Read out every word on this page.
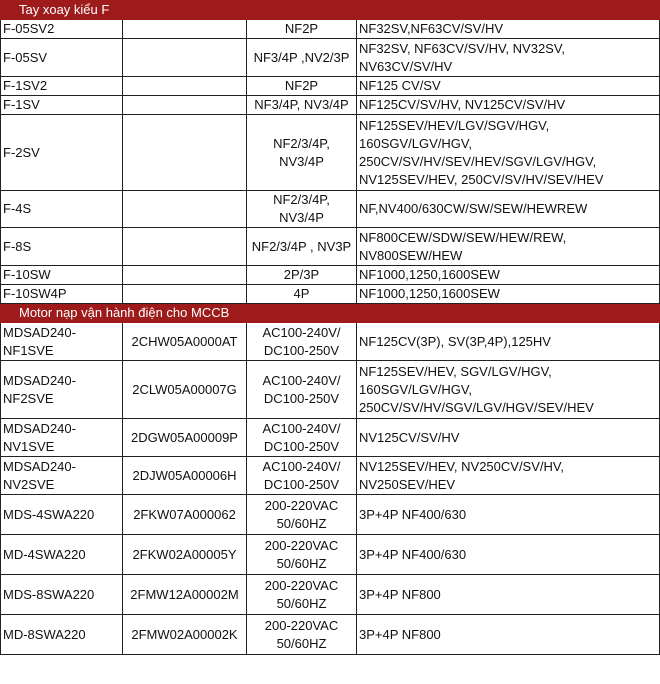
Tay xoay kiểu F			
F-05SV2		NF2P	NF32SV,NF63CV/SV/HV
F-05SV		NF3/4P ,NV2/3P	NF32SV, NF63CV/SV/HV, NV32SV, NV63CV/SV/HV
F-1SV2		NF2P	NF125 CV/SV
F-1SV		NF3/4P, NV3/4P	NF125CV/SV/HV, NV125CV/SV/HV
F-2SV		NF2/3/4P, NV3/4P	NF125SEV/HEV/LGV/SGV/HGV, 160SGV/LGV/HGV, 250CV/SV/HV/SEV/HEV/SGV/LGV/HGV, NV125SEV/HEV, 250CV/SV/HV/SEV/HEV
F-4S		NF2/3/4P, NV3/4P	NF,NV400/630CW/SW/SEW/HEWREW
F-8S		NF2/3/4P , NV3P	NF800CEW/SDW/SEW/HEW/REW, NV800SEW/HEW
F-10SW		2P/3P	NF1000,1250,1600SEW
F-10SW4P		4P	NF1000,1250,1600SEW
Motor nạp vận hành điện cho MCCB			
MDSAD240-NF1SVE	2CHW05A0000AT	AC100-240V/ DC100-250V	NF125CV(3P), SV(3P,4P),125HV
MDSAD240-NF2SVE	2CLW05A00007G	AC100-240V/ DC100-250V	NF125SEV/HEV, SGV/LGV/HGV, 160SGV/LGV/HGV, 250CV/SV/HV/SGV/LGV/HGV/SEV/HEV
MDSAD240-NV1SVE	2DGW05A00009P	AC100-240V/ DC100-250V	NV125CV/SV/HV
MDSAD240-NV2SVE	2DJW05A00006H	AC100-240V/ DC100-250V	NV125SEV/HEV, NV250CV/SV/HV, NV250SEV/HEV
MDS-4SWA220	2FKW07A000062	200-220VAC 50/60HZ	3P+4P NF400/630
MD-4SWA220	2FKW02A00005Y	200-220VAC 50/60HZ	3P+4P NF400/630
MDS-8SWA220	2FMW12A00002M	200-220VAC 50/60HZ	3P+4P NF800
MD-8SWA220	2FMW02A00002K	200-220VAC 50/60HZ	3P+4P NF800
